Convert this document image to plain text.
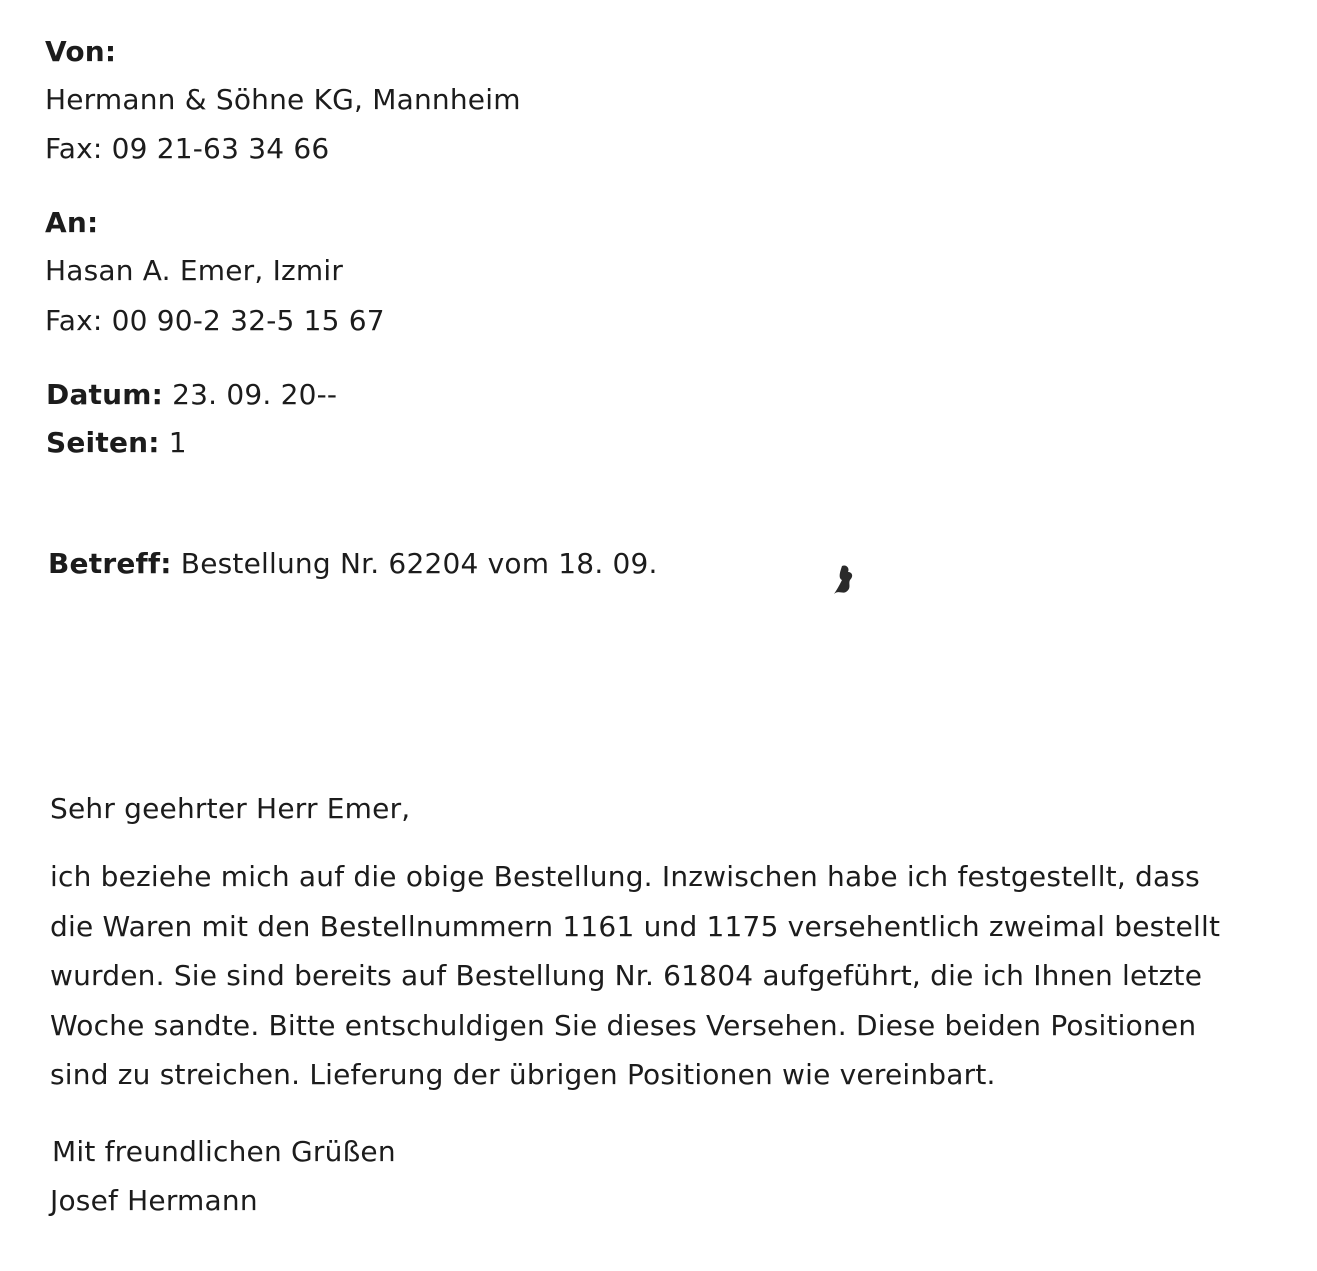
Von:
Hermann & Söhne KG, Mannheim
Fax: 09 21-63 34 66
An:
Hasan A. Emer, Izmir
Fax: 00 90-2 32-5 15 67
Datum: 23. 09. 20--
Seiten: 1
Betreff: Bestellung Nr. 62204 vom 18. 09.
Sehr geehrter Herr Emer,
ich beziehe mich auf die obige Bestellung. Inzwischen habe ich festgestellt, dass
die Waren mit den Bestellnummern 1161 und 1175 versehentlich zweimal bestellt
wurden. Sie sind bereits auf Bestellung Nr. 61804 aufgeführt, die ich Ihnen letzte
Woche sandte. Bitte entschuldigen Sie dieses Versehen. Diese beiden Positionen
sind zu streichen. Lieferung der übrigen Positionen wie vereinbart.
Mit freundlichen Grüßen
Josef Hermann
